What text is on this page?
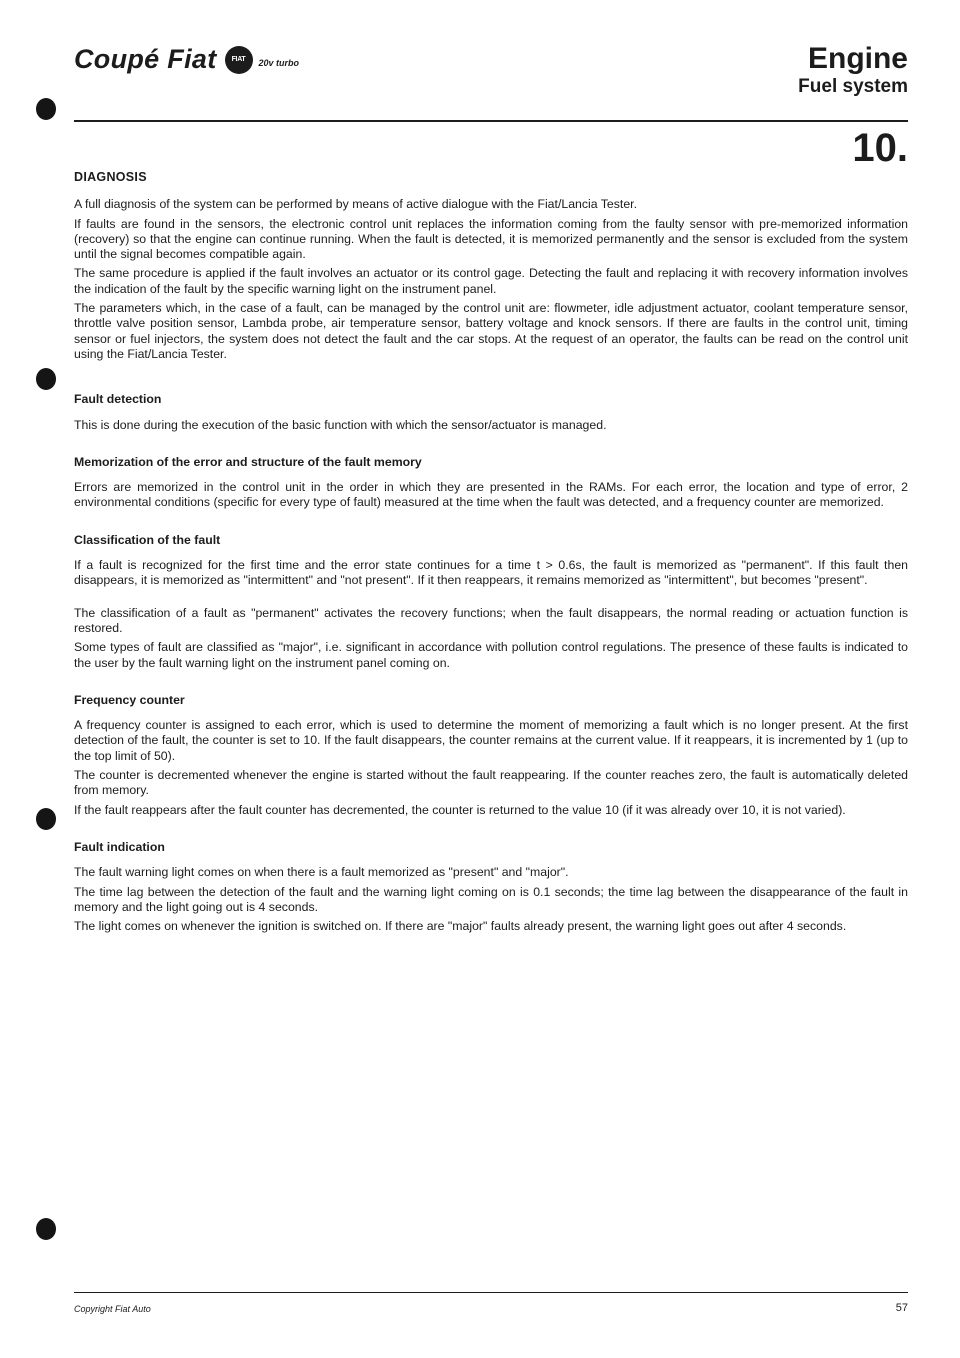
Coupé Fiat FIAT 20v turbo	Engine
Fuel system
10.
DIAGNOSIS

A full diagnosis of the system can be performed by means of active dialogue with the Fiat/Lancia Tester.

If faults are found in the sensors, the electronic control unit replaces the information coming from the faulty sensor with pre-memorized information (recovery) so that the engine can continue running. When the fault is detected, it is memorized permanently and the sensor is excluded from the system until the signal becomes compatible again.

The same procedure is applied if the fault involves an actuator or its control gage. Detecting the fault and replacing it with recovery information involves the indication of the fault by the specific warning light on the instrument panel.

The parameters which, in the case of a fault, can be managed by the control unit are: flowmeter, idle adjustment actuator, coolant temperature sensor, throttle valve position sensor, Lambda probe, air temperature sensor, battery voltage and knock sensors. If there are faults in the control unit, timing sensor or fuel injectors, the system does not detect the fault and the car stops. At the request of an operator, the faults can be read on the control unit using the Fiat/Lancia Tester.

Fault detection

This is done during the execution of the basic function with which the sensor/actuator is managed.

Memorization of the error and structure of the fault memory

Errors are memorized in the control unit in the order in which they are presented in the RAMs. For each error, the location and type of error, 2 environmental conditions (specific for every type of fault) measured at the time when the fault was detected, and a frequency counter are memorized.

Classification of the fault

If a fault is recognized for the first time and the error state continues for a time t > 0.6s, the fault is memorized as "permanent". If this fault then disappears, it is memorized as "intermittent" and "not present". If it then reappears, it remains memorized as "intermittent", but becomes "present".

The classification of a fault as "permanent" activates the recovery functions; when the fault disappears, the normal reading or actuation function is restored.

Some types of fault are classified as "major", i.e. significant in accordance with pollution control regulations. The presence of these faults is indicated to the user by the fault warning light on the instrument panel coming on.

Frequency counter

A frequency counter is assigned to each error, which is used to determine the moment of memorizing a fault which is no longer present. At the first detection of the fault, the counter is set to 10. If the fault disappears, the counter remains at the current value. If it reappears, it is incremented by 1 (up to the top limit of 50).

The counter is decremented whenever the engine is started without the fault reappearing. If the counter reaches zero, the fault is automatically deleted from memory.

If the fault reappears after the fault counter has decremented, the counter is returned to the value 10 (if it was already over 10, it is not varied).

Fault indication

The fault warning light comes on when there is a fault memorized as "present" and "major".

The time lag between the detection of the fault and the warning light coming on is 0.1 seconds; the time lag between the disappearance of the fault in memory and the light going out is 4 seconds.

The light comes on whenever the ignition is switched on. If there are "major" faults already present, the warning light goes out after 4 seconds.

Copyright Fiat Auto	57
